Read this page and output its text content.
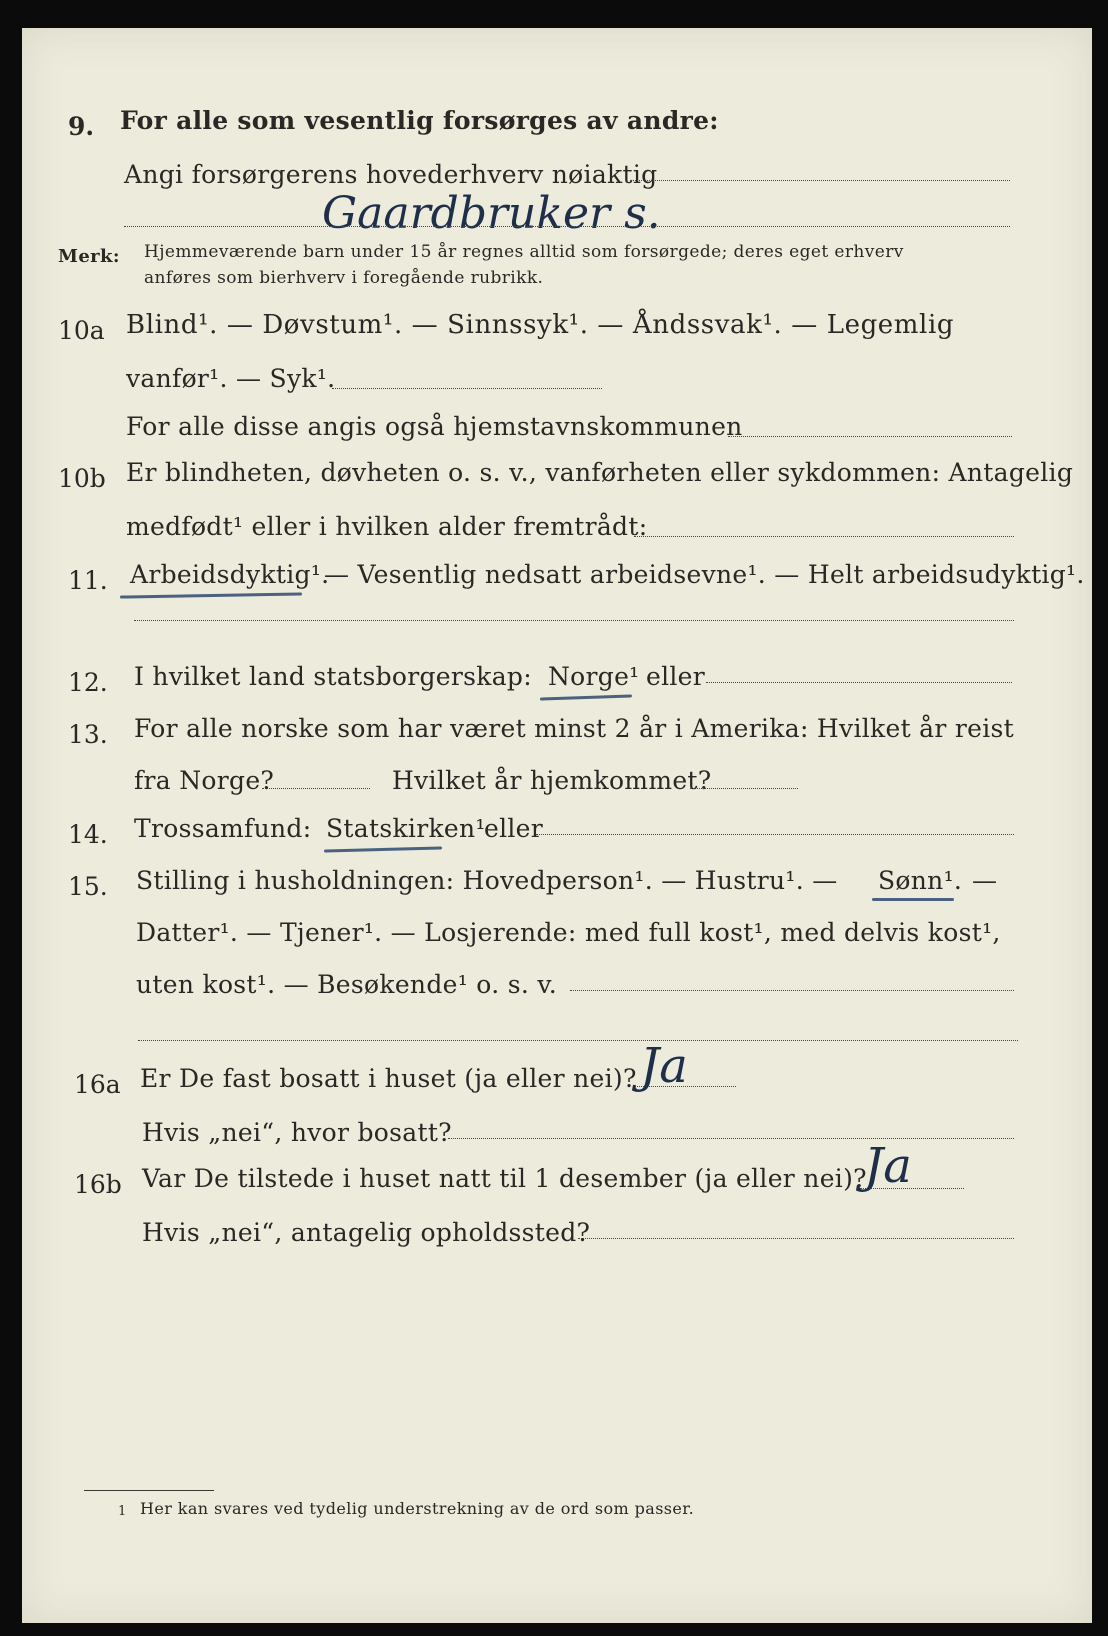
9. For alle som vesentlig forsørges av andre:
Angi forsørgerens hovederhverv nøiaktig
Gaardbruker s.
Merk: Hjemmeværende barn under 15 år regnes alltid som forsørgede; deres eget erhverv
anføres som bierhverv i foregående rubrikk.
10a Blind¹. — Døvstum¹. — Sinnssyk¹. — Åndssvak¹. — Legemlig
vanfør¹. — Syk¹.
For alle disse angis også hjemstavnskommunen
10b Er blindheten, døvheten o. s. v., vanførheten eller sykdommen: Antagelig
medfødt¹ eller i hvilken alder fremtrådt:
11. Arbeidsdyktig¹.
— Vesentlig nedsatt arbeidsevne¹. — Helt arbeidsudyktig¹.
12. I hvilket land statsborgerskap: Norge¹ eller
13. For alle norske som har været minst 2 år i Amerika: Hvilket år reist
fra Norge?	Hvilket år hjemkommet?
14. Trossamfund: Statskirken¹
eller
15. Stilling i husholdningen: Hovedperson¹. — Hustru¹. — Sønn¹. —
Datter¹. — Tjener¹. — Losjerende: med full kost¹, med delvis kost¹,
uten kost¹. — Besøkende¹ o. s. v.
16a Er De fast bosatt i huset (ja eller nei)? Ja
Hvis „nei“, hvor bosatt?
16b Var De tilstede i huset natt til 1 desember (ja eller nei)?
Ja
Hvis „nei“, antagelig opholdssted?
1 Her kan svares ved tydelig understrekning av de ord som passer.
